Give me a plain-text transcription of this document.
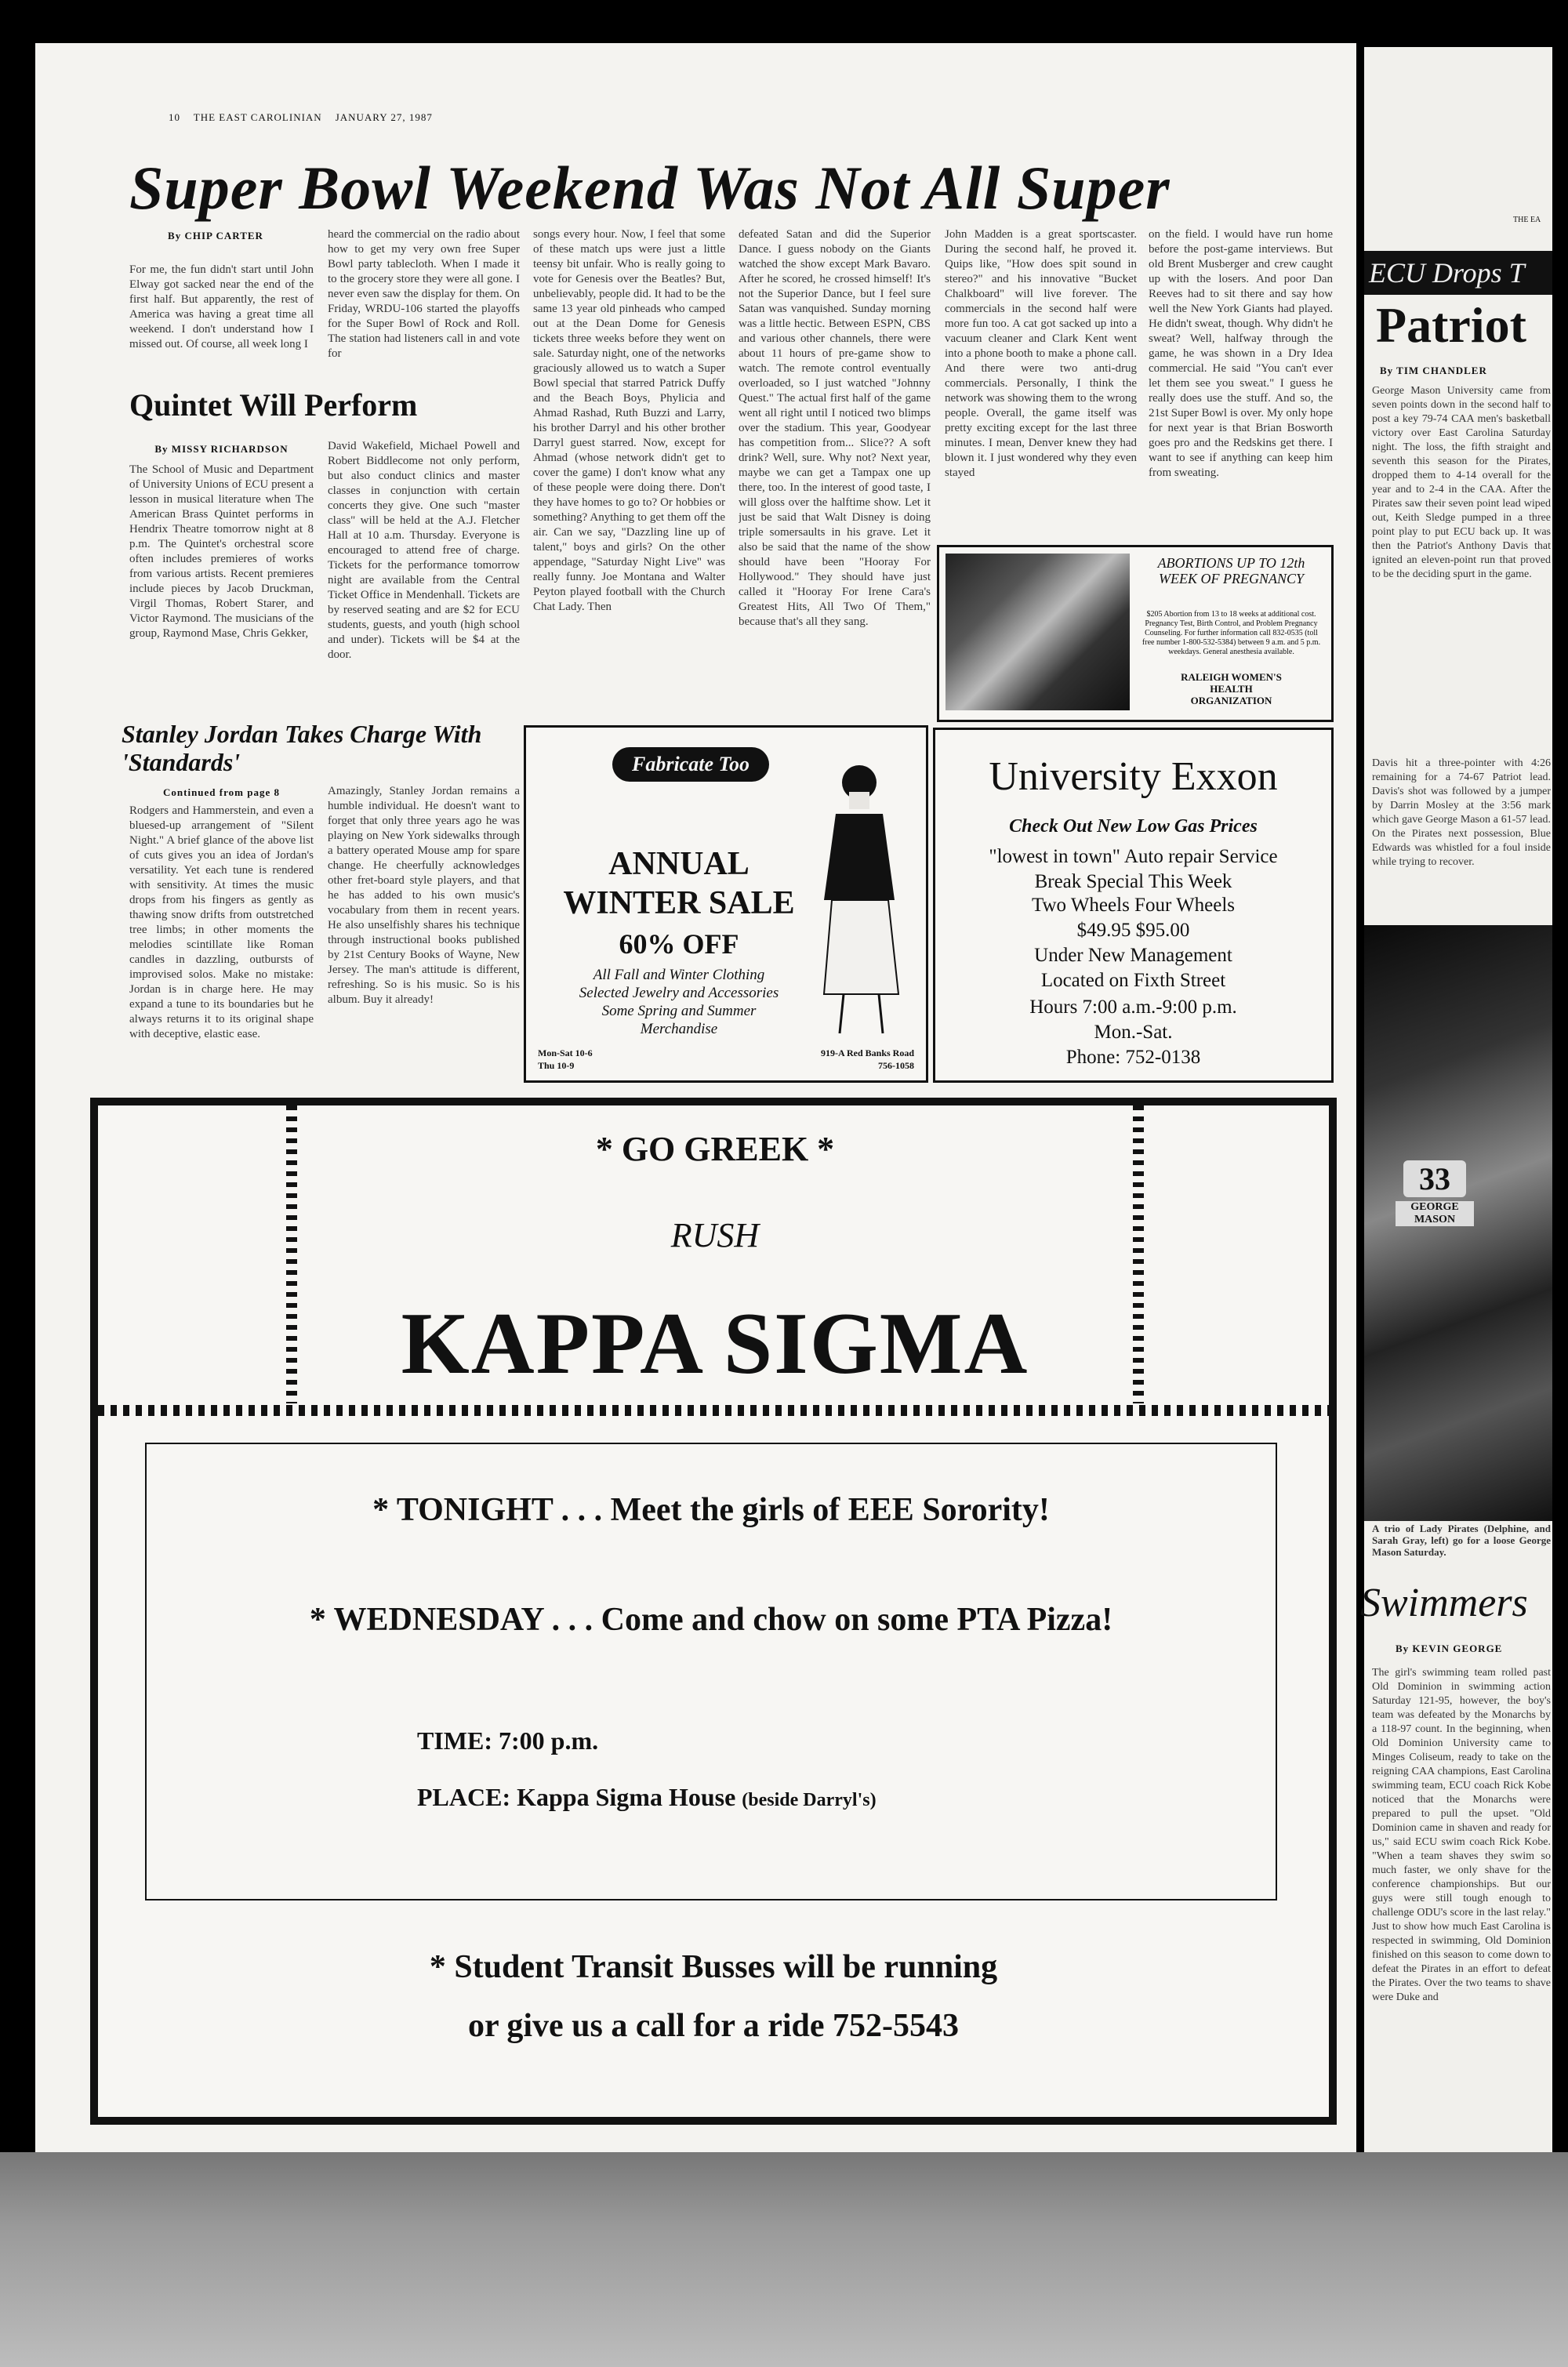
10 THE EAST CAROLINIAN JANUARY 27, 1987
Super Bowl Weekend Was Not All Super
By CHIP CARTER
For me, the fun didn't start until John Elway got sacked near the end of the first half. But apparently, the rest of America was having a great time all weekend. I don't understand how I missed out. Of course, all week long I
heard the commercial on the radio about how to get my very own free Super Bowl party tablecloth. When I made it to the grocery store they were all gone. I never even saw the display for them. On Friday, WRDU-106 started the playoffs for the Super Bowl of Rock and Roll. The station had listeners call in and vote for
songs every hour. Now, I feel that some of these match ups were just a little teensy bit unfair. Who is really going to vote for Genesis over the Beatles? But, unbelievably, people did. It had to be the same 13 year old pinheads who camped out at the Dean Dome for Genesis tickets three weeks before they went on sale. Saturday night, one of the networks graciously allowed us to watch a Super Bowl special that starred Patrick Duffy and the Beach Boys, Phylicia and Ahmad Rashad, Ruth Buzzi and Larry, his brother Darryl and his other brother Darryl guest starred. Now, except for Ahmad (whose network didn't get to cover the game) I don't know what any of these people were doing there. Don't they have homes to go to? Or hobbies or something? Anything to get them off the air. Can we say, "Dazzling line up of talent," boys and girls? On the other appendage, "Saturday Night Live" was really funny. Joe Montana and Walter Peyton played football with the Church Chat Lady. Then
defeated Satan and did the Superior Dance. I guess nobody on the Giants watched the show except Mark Bavaro. After he scored, he crossed himself! It's not the Superior Dance, but I feel sure Satan was vanquished. Sunday morning was a little hectic. Between ESPN, CBS and various other channels, there were about 11 hours of pre-game show to watch. The remote control eventually overloaded, so I just watched "Johnny Quest." The actual first half of the game went all right until I noticed two blimps over the stadium. This year, Goodyear has competition from... Slice?? A soft drink? Well, sure. Why not? Next year, maybe we can get a Tampax one up there, too. In the interest of good taste, I will gloss over the halftime show. Let it just be said that Walt Disney is doing triple somersaults in his grave. Let it also be said that the name of the show should have been "Hooray For Hollywood." They should have just called it "Hooray For Irene Cara's Greatest Hits, All Two Of Them," because that's all they sang.
John Madden is a great sportscaster. During the second half, he proved it. Quips like, "How does spit sound in stereo?" and his innovative "Bucket Chalkboard" will live forever. The commercials in the second half were more fun too. A cat got sacked up into a vacuum cleaner and Clark Kent went into a phone booth to make a phone call. And there were two anti-drug commercials. Personally, I think the network was showing them to the wrong people. Overall, the game itself was pretty exciting except for the last three minutes. I mean, Denver knew they had blown it. I just wondered why they even stayed
on the field. I would have run home before the post-game interviews. But old Brent Musberger and crew caught up with the losers. And poor Dan Reeves had to sit there and say how well the New York Giants had played. He didn't sweat, though. Why didn't he sweat? Well, halfway through the game, he was shown in a Dry Idea commercial. He said "You can't ever let them see you sweat." I guess he really does use the stuff. And so, the 21st Super Bowl is over. My only hope for next year is that Brian Bosworth goes pro and the Redskins get there. I want to see if anything can keep him from sweating.
Quintet Will Perform
By MISSY RICHARDSON
The School of Music and Department of University Unions of ECU present a lesson in musical literature when The American Brass Quintet performs in Hendrix Theatre tomorrow night at 8 p.m. The Quintet's orchestral score often includes premieres of works from various artists. Recent premieres include pieces by Jacob Druckman, Virgil Thomas, Robert Starer, and Victor Raymond. The musicians of the group, Raymond Mase, Chris Gekker,
David Wakefield, Michael Powell and Robert Biddlecome not only perform, but also conduct clinics and master classes in conjunction with certain concerts they give. One such "master class" will be held at the A.J. Fletcher Hall at 10 a.m. Thursday. Everyone is encouraged to attend free of charge. Tickets for the performance tomorrow night are available from the Central Ticket Office in Mendenhall. Tickets are by reserved seating and are $2 for ECU students, guests, and youth (high school and under). Tickets will be $4 at the door.
Stanley Jordan Takes Charge With 'Standards'
Continued from page 8
Rodgers and Hammerstein, and even a bluesed-up arrangement of "Silent Night." A brief glance of the above list of cuts gives you an idea of Jordan's versatility. Yet each tune is rendered with sensitivity. At times the music drops from his fingers as gently as thawing snow drifts from outstretched tree limbs; in other moments the melodies scintillate like Roman candles in dazzling, outbursts of improvised solos. Make no mistake: Jordan is in charge here. He may expand a tune to its boundaries but he always returns it to its original shape with deceptive, elastic ease.
Amazingly, Stanley Jordan remains a humble individual. He doesn't want to forget that only three years ago he was playing on New York sidewalks through a battery operated Mouse amp for spare change. He cheerfully acknowledges other fret-board style players, and that he has added to his own music's vocabulary from them in recent years. He also unselfishly shares his technique through instructional books published by 21st Century Books of Wayne, New Jersey. The man's attitude is different, refreshing. So is his music. So is his album. Buy it already!
ABORTIONS UP TO 12th WEEK OF PREGNANCY
$205 Abortion from 13 to 18 weeks at additional cost. Pregnancy Test, Birth Control, and Problem Pregnancy Counseling. For further information call 832-0535 (toll free number 1-800-532-5384) between 9 a.m. and 5 p.m. weekdays. General anesthesia available.
RALEIGH WOMEN'S HEALTH ORGANIZATION
Fabricate Too
ANNUAL
WINTER SALE
60% OFF
All Fall and Winter Clothing
Selected Jewelry and Accessories
Some Spring and Summer
Merchandise
Mon-Sat 10-6
Thu 10-9
919-A Red Banks Road
756-1058
University Exxon
Check Out New Low Gas Prices
"lowest in town" Auto repair Service
Break Special This Week
Two Wheels Four Wheels
$49.95 $95.00
Under New Management
Located on Fixth Street
Hours 7:00 a.m.-9:00 p.m.
Mon.-Sat.
Phone: 752-0138
* GO GREEK *
RUSH
KAPPA SIGMA
* TONIGHT . . . Meet the girls of EEE Sorority!
* WEDNESDAY . . . Come and chow on some PTA Pizza!
TIME: 7:00 p.m.
PLACE: Kappa Sigma House (beside Darryl's)
* Student Transit Busses will be running
or give us a call for a ride 752-5543
THE EA
ECU Drops T
Patriot
By TIM CHANDLER
George Mason University came from seven points down in the second half to post a key 79-74 CAA men's basketball victory over East Carolina Saturday night. The loss, the fifth straight and seventh this season for the Pirates, dropped them to 4-14 overall for the year and to 2-4 in the CAA. After the Pirates saw their seven point lead wiped out, Keith Sledge pumped in a three point play to put ECU back up. It was then the Patriot's Anthony Davis that ignited an eleven-point run that proved to be the deciding spurt in the game.
Davis hit a three-pointer with 4:26 remaining for a 74-67 Patriot lead. Davis's shot was followed by a jumper by Darrin Mosley at the 3:56 mark which gave George Mason a 61-57 lead. On the Pirates next possession, Blue Edwards was whistled for a foul inside while trying to recover.
33
GEORGE MASON
A trio of Lady Pirates (Delphine, and Sarah Gray, left) go for a loose George Mason Saturday.
Swimmers
By KEVIN GEORGE
The girl's swimming team rolled past Old Dominion in swimming action Saturday 121-95, however, the boy's team was defeated by the Monarchs by a 118-97 count. In the beginning, when Old Dominion University came to Minges Coliseum, ready to take on the reigning CAA champions, East Carolina swimming team, ECU coach Rick Kobe noticed that the Monarchs were prepared to pull the upset. "Old Dominion came in shaven and ready for us," said ECU swim coach Rick Kobe. "When a team shaves they swim so much faster, we only shave for the conference championships. But our guys were still tough enough to challenge ODU's score in the last relay." Just to show how much East Carolina is respected in swimming, Old Dominion finished on this season to come down to defeat the Pirates in an effort to defeat the Pirates. Over the two teams to shave were Duke and
